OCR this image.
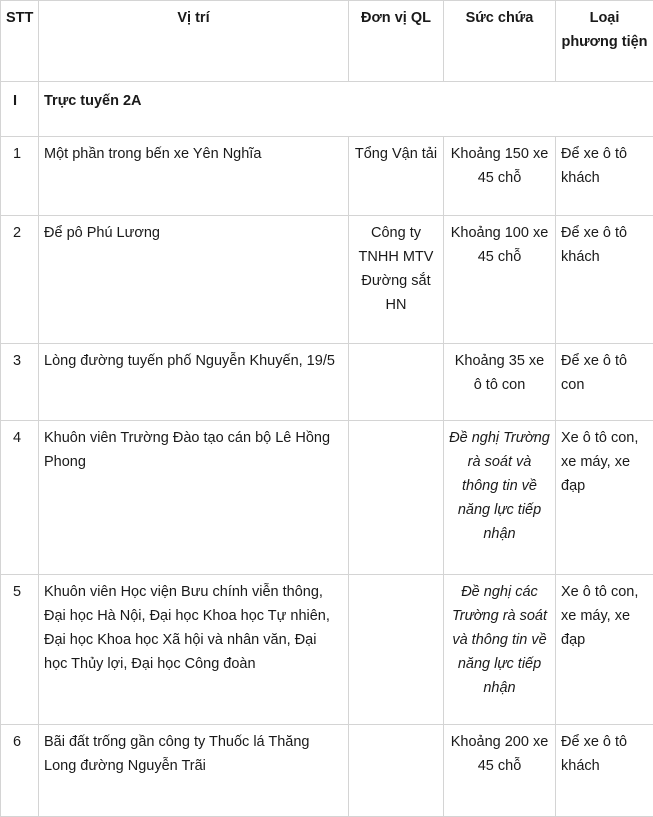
STT	Vị trí	Đơn vị QL	Sức chứa	Loại
phương tiện
I	Trực tuyến 2A			
1	Một phần trong bến xe Yên Nghĩa	Tổng Vận tải	Khoảng 150 xe 45 chỗ	Để xe ô tô khách
2	Để pô Phú Lương	Công ty TNHH MTV Đường sắt HN	Khoảng 100 xe 45 chỗ	Để xe ô tô khách
3	Lòng đường tuyến phố Nguyễn Khuyến, 19/5		Khoảng 35 xe ô tô con	Để xe ô tô con
4	Khuôn viên Trường Đào tạo cán bộ Lê Hồng Phong		Đề nghị Trường rà soát và thông tin về năng lực tiếp nhận	Xe ô tô con, xe máy, xe đạp
5	Khuôn viên Học viện Bưu chính viễn thông, Đại học Hà Nội, Đại học Khoa học Tự nhiên, Đại học Khoa học Xã hội và nhân văn, Đại học Thủy lợi, Đại học Công đoàn		Đề nghị các Trường rà soát và thông tin về năng lực tiếp nhận	Xe ô tô con, xe máy, xe đạp
6	Bãi đất trống gần công ty Thuốc lá Thăng Long đường Nguyễn Trãi		Khoảng 200 xe 45 chỗ	Để xe ô tô khách
